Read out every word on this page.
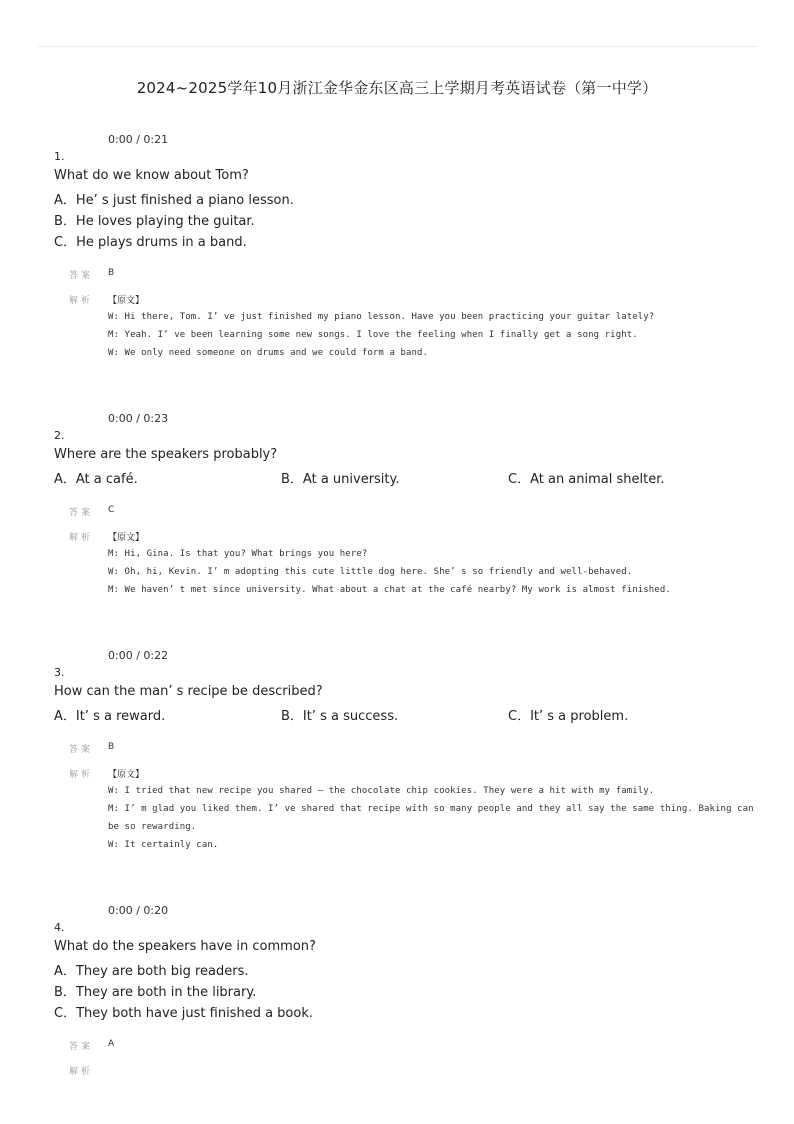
2024~2025学年10月浙江金华金东区高三上学期月考英语试卷（第一中学）
0:00 / 0:21
1.
What do we know about Tom?
A．He’ s just finished a piano lesson.
B．He loves playing the guitar.
C．He plays drums in a band.
答案 B
解析 【原文】
W: Hi there, Tom. I’ ve just finished my piano lesson. Have you been practicing your guitar lately?
M: Yeah. I’ ve been learning some new songs. I love the feeling when I finally get a song right.
W: We only need someone on drums and we could form a band.
0:00 / 0:23
2.
Where are the speakers probably?
A．At a café.	B．At a university.	C．At an animal shelter.
答案 C
解析 【原文】
M: Hi, Gina. Is that you? What brings you here?
W: Oh, hi, Kevin. I’ m adopting this cute little dog here. She’ s so friendly and well-behaved.
M: We haven’ t met since university. What about a chat at the café nearby? My work is almost finished.
0:00 / 0:22
3.
How can the man’ s recipe be described?
A．It’ s a reward.	B．It’ s a success.	C．It’ s a problem.
答案 B
解析 【原文】
W: I tried that new recipe you shared — the chocolate chip cookies. They were a hit with my family.
M: I’ m glad you liked them. I’ ve shared that recipe with so many people and they all say the same thing. Baking can
be so rewarding.
W: It certainly can.
0:00 / 0:20
4.
What do the speakers have in common?
A．They are both big readers.
B．They are both in the library.
C．They both have just finished a book.
答案 A
解析
